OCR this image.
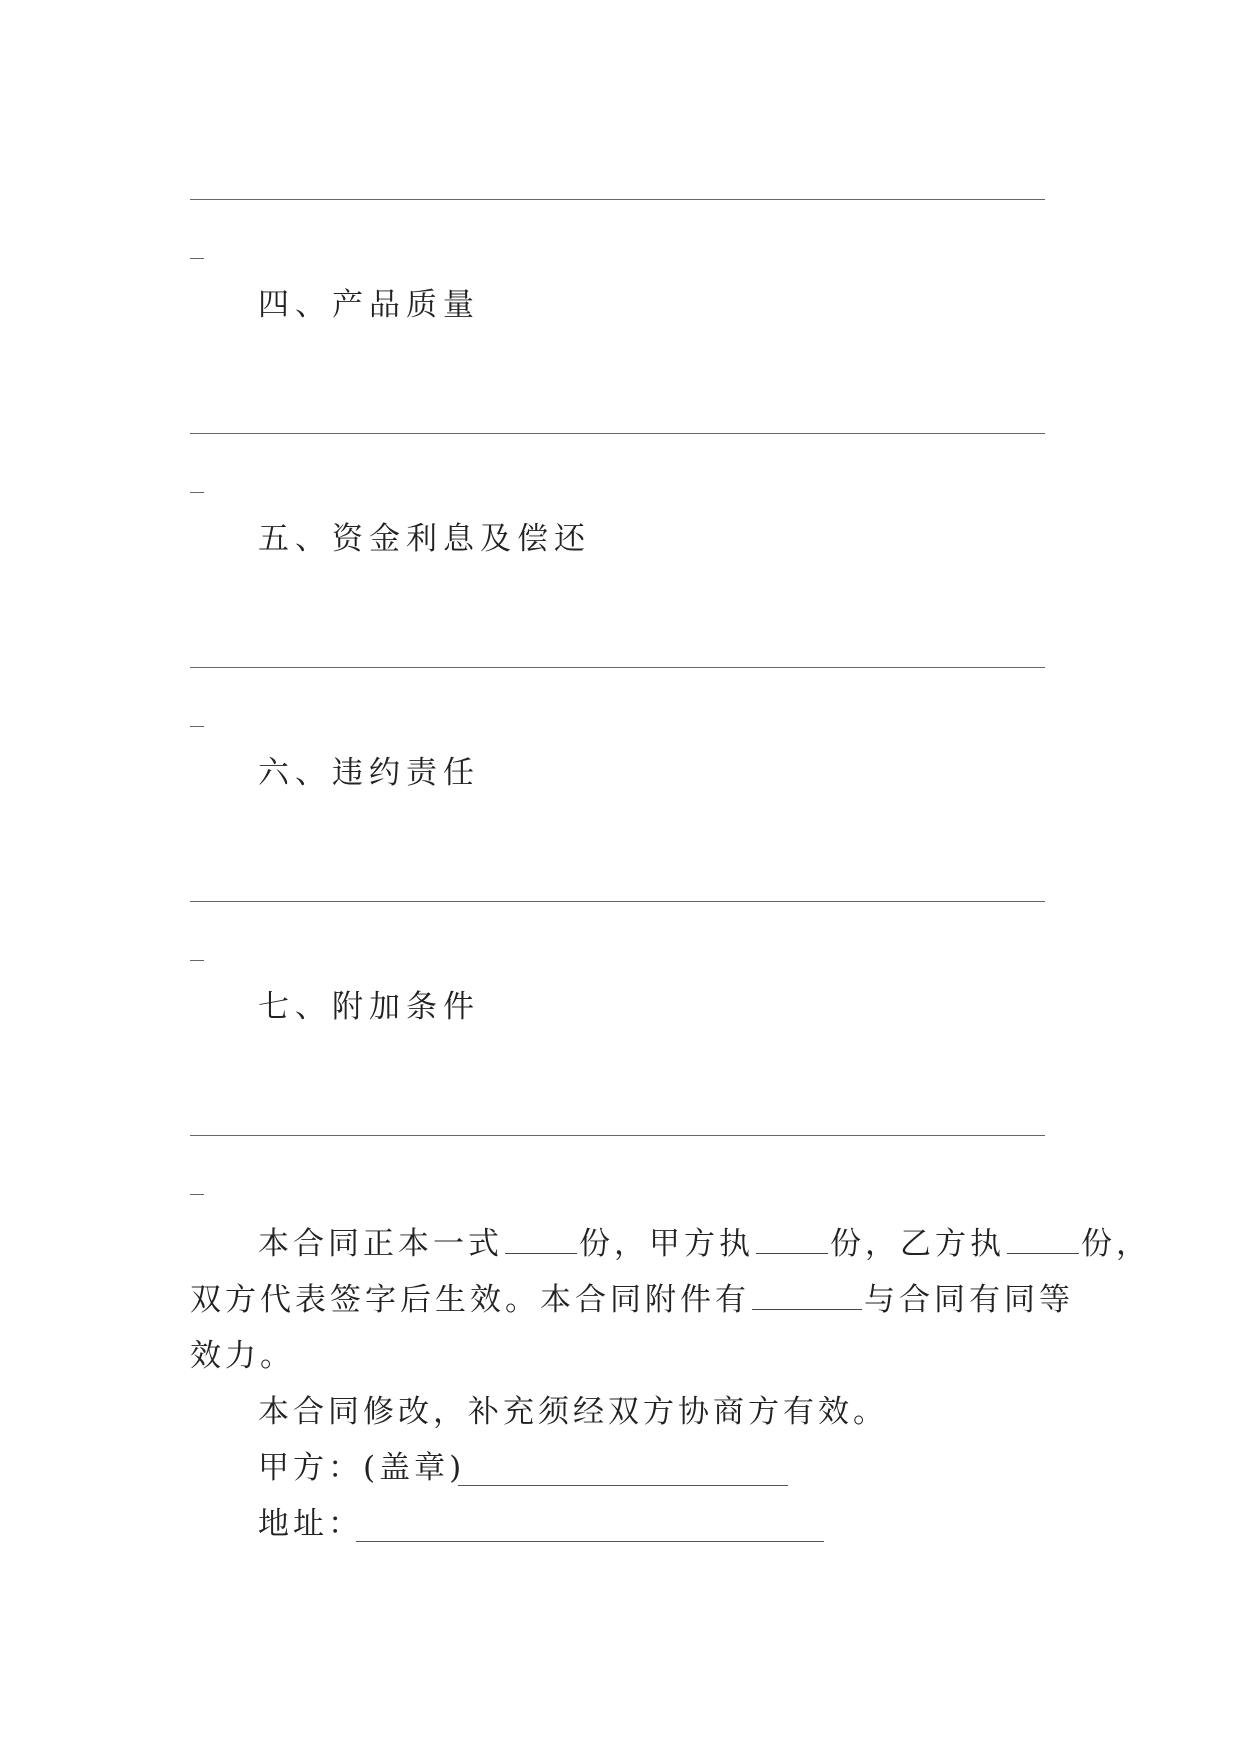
四、产品质量
五、资金利息及偿还
六、违约责任
七、附加条件
本合同正本一式 份，甲方执 份，乙方执 份，
双方代表签字后生效。本合同附件有	与合同有同等
效力。
本合同修改，补充须经双方协商方有效。
甲方：(盖章)
地址：
